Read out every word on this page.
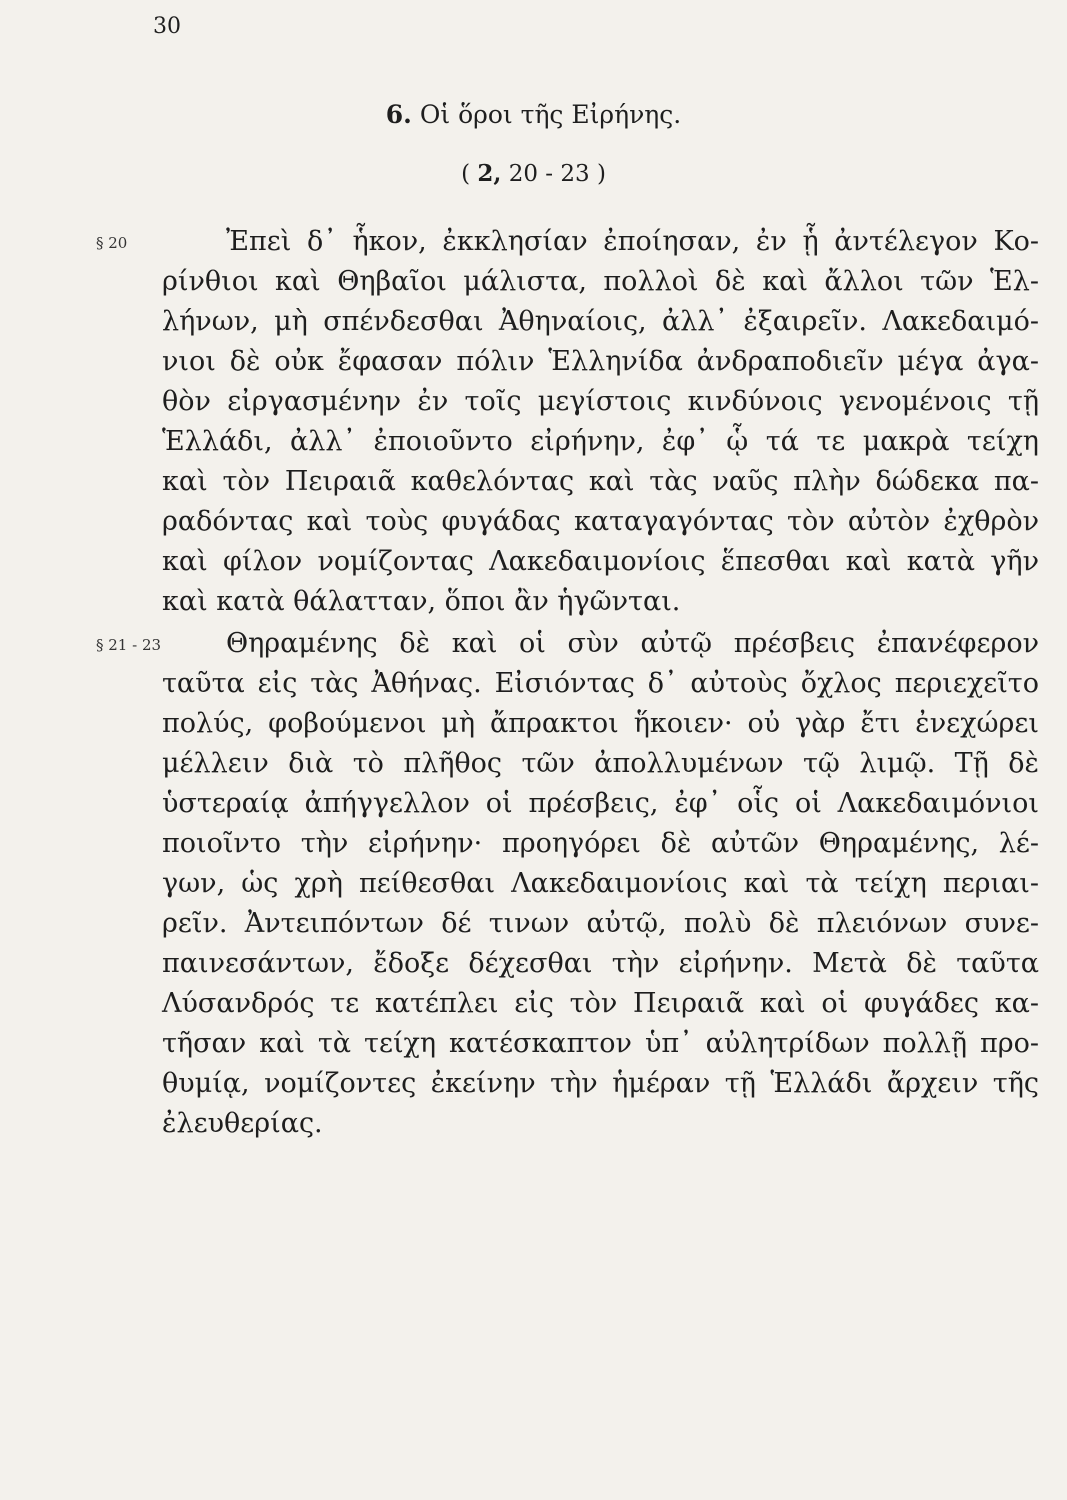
30
6. Οἱ ὅροι τῆς Εἰρήνης.
( 2, 20 - 23 )
§ 20	Ἐπεὶ δ᾽ ἧκον, ἐκκλησίαν ἐποίησαν, ἐν ᾗ ἀντέλεγον Κο-
ρίνθιοι καὶ Θηβαῖοι μάλιστα, πολλοὶ δὲ καὶ ἄλλοι τῶν Ἑλ-
λήνων, μὴ σπένδεσθαι Ἀθηναίοις, ἀλλ᾽ ἐξαιρεῖν. Λακεδαιμό-
νιοι δὲ οὐκ ἔφασαν πόλιν Ἑλληνίδα ἀνδραποδιεῖν μέγα ἀγα-
θὸν εἰργασμένην ἐν τοῖς μεγίστοις κινδύνοις γενομένοις τῇ
Ἑλλάδι, ἀλλ᾽ ἐποιοῦντο εἰρήνην, ἐφ᾽ ᾧ τά τε μακρὰ τείχη
καὶ τὸν Πειραιᾶ καθελόντας καὶ τὰς ναῦς πλὴν δώδεκα πα-
ραδόντας καὶ τοὺς φυγάδας καταγαγόντας τὸν αὐτὸν ἐχθρὸν
καὶ φίλον νομίζοντας Λακεδαιμονίοις ἕπεσθαι καὶ κατὰ γῆν
καὶ κατὰ θάλατταν, ὅποι ἂν ἡγῶνται.
§ 21 - 23 Θηραμένης δὲ καὶ οἱ σὺν αὐτῷ πρέσβεις ἐπανέφερον
ταῦτα εἰς τὰς Ἀθήνας. Εἰσιόντας δ᾽ αὐτοὺς ὄχλος περιεχεῖτο
πολύς, φοβούμενοι μὴ ἄπρακτοι ἥκοιεν· οὐ γὰρ ἔτι ἐνεχώρει
μέλλειν διὰ τὸ πλῆθος τῶν ἀπολλυμένων τῷ λιμῷ. Τῇ δὲ
ὑστεραίᾳ ἀπήγγελλον οἱ πρέσβεις, ἐφ᾽ οἷς οἱ Λακεδαιμόνιοι
ποιοῖντο τὴν εἰρήνην· προηγόρει δὲ αὐτῶν Θηραμένης, λέ-
γων, ὡς χρὴ πείθεσθαι Λακεδαιμονίοις καὶ τὰ τείχη περιαι-
ρεῖν. Ἀντειπόντων δέ τινων αὐτῷ, πολὺ δὲ πλειόνων συνε-
παινεσάντων, ἔδοξε δέχεσθαι τὴν εἰρήνην. Μετὰ δὲ ταῦτα
Λύσανδρός τε κατέπλει εἰς τὸν Πειραιᾶ καὶ οἱ φυγάδες κα-
τῆσαν καὶ τὰ τείχη κατέσκαπτον ὑπ᾽ αὐλητρίδων πολλῇ προ-
θυμίᾳ, νομίζοντες ἐκείνην τὴν ἡμέραν τῇ Ἑλλάδι ἄρχειν τῆς
ἐλευθερίας.
